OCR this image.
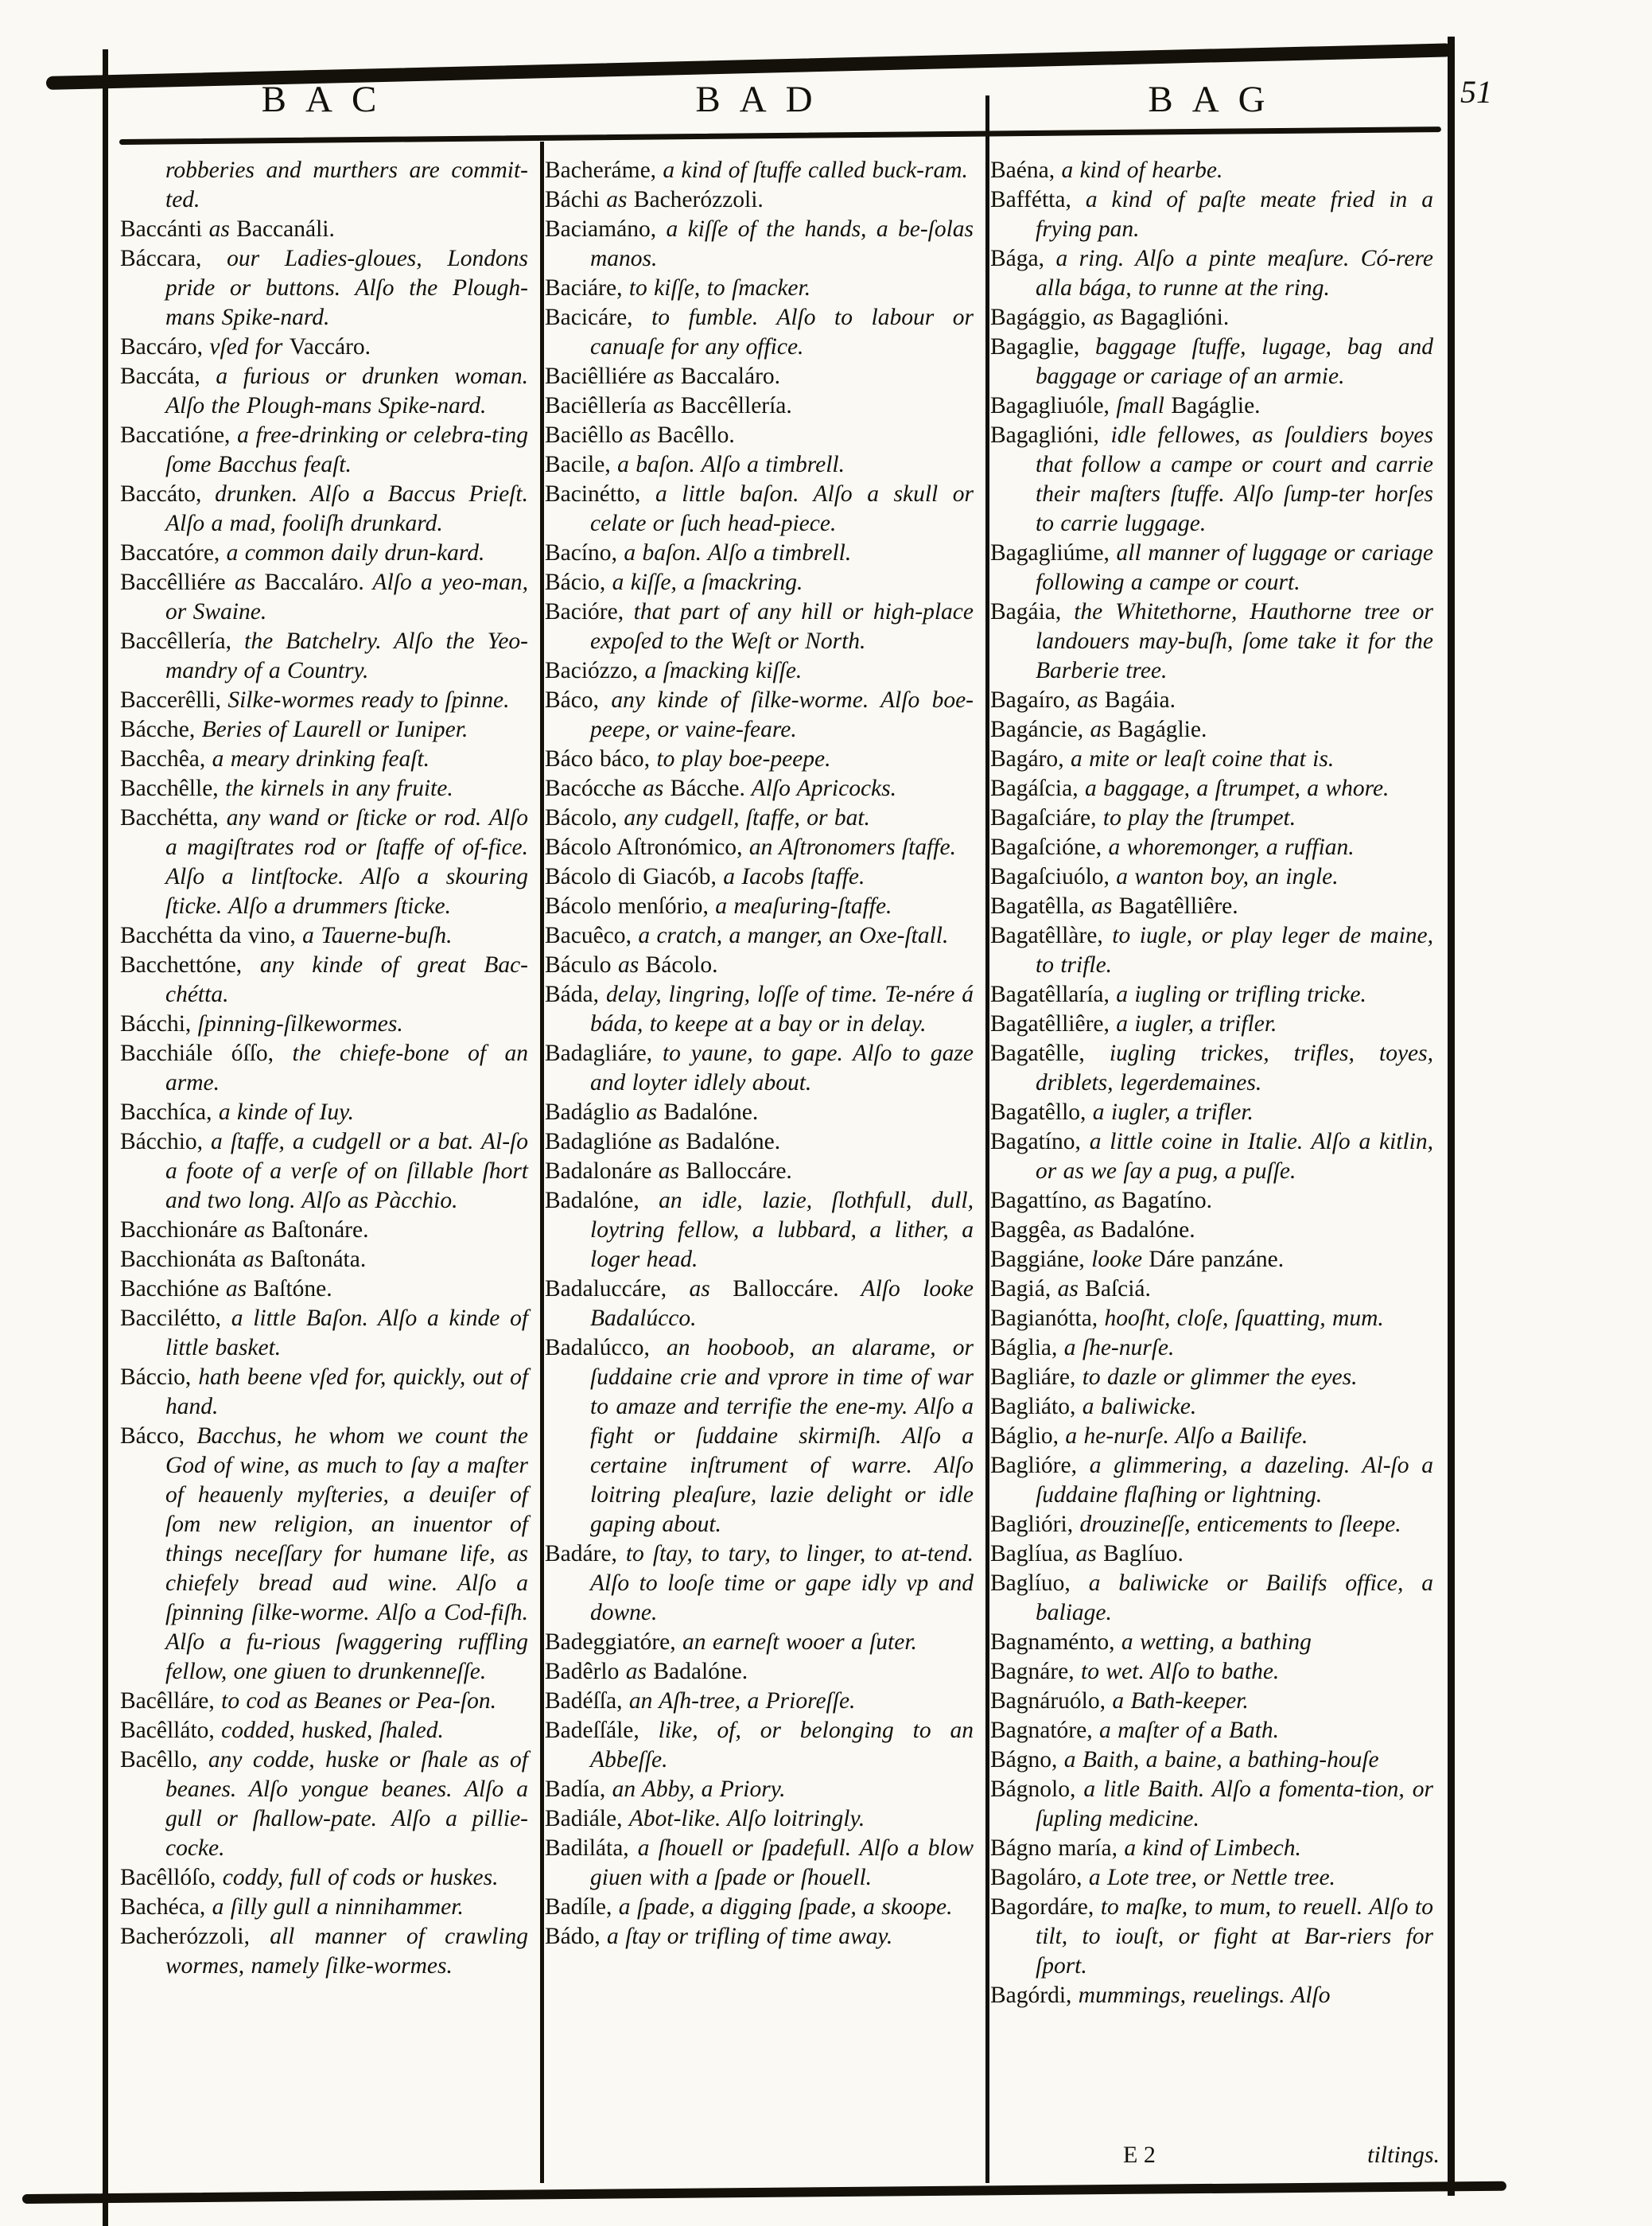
BAC	BAD	BAG	51

robberies and murthers are commit-ted.

Baccánti as Baccanáli.

Báccara, our Ladies-gloues, Londons pride or buttons. Alſo the Plough-mans Spike-nard.

Baccáro, vſed for Vaccáro.

Baccáta, a furious or drunken woman. Alſo the Plough-mans Spike-nard.

Baccatióne, a free-drinking or celebra-ting ſome Bacchus feaſt.

Baccáto, drunken. Alſo a Baccus Prieſt. Alſo a mad, fooliſh drunkard.

Baccatóre, a common daily drun-kard.

Baccêlliére as Baccaláro. Alſo a yeo-man, or Swaine.

Baccêllería, the Batchelry. Alſo the Yeo-mandry of a Country.

Baccerêlli, Silke-wormes ready to ſpinne.

Bácche, Beries of Laurell or Iuniper.

Bacchêa, a meary drinking feaſt.

Bacchêlle, the kirnels in any fruite.

Bacchétta, any wand or ſticke or rod. Alſo a magiſtrates rod or ſtaffe of of-fice. Alſo a lintſtocke. Alſo a skouring ſticke. Alſo a drummers ſticke.

Bacchétta da vino, a Tauerne-buſh.

Bacchettóne, any kinde of great Bac-chétta.

Bácchi, ſpinning-ſilkewormes.

Bacchiále óſſo, the chiefe-bone of an arme.

Bacchíca, a kinde of Iuy.

Bácchio, a ſtaffe, a cudgell or a bat. Al-ſo a foote of a verſe of on ſillable ſhort and two long. Alſo as Pàcchio.

Bacchionáre as Baſtonáre.

Bacchionáta as Baſtonáta.

Bacchióne as Baſtóne.

Baccilétto, a little Baſon. Alſo a kinde of little basket.

Báccio, hath beene vſed for, quickly, out of hand.

Bácco, Bacchus, he whom we count the God of wine, as much to ſay a maſter of heauenly myſteries, a deuiſer of ſom new religion, an inuentor of things neceſſary for humane life, as chiefely bread aud wine. Alſo a ſpinning ſilke-worme. Alſo a Cod-fiſh. Alſo a fu-rious ſwaggering ruffling fellow, one giuen to drunkenneſſe.

Bacêlláre, to cod as Beanes or Pea-ſon.

Bacêlláto, codded, husked, ſhaled.

Bacêllo, any codde, huske or ſhale as of beanes. Alſo yongue beanes. Alſo a gull or ſhallow-pate. Alſo a pillie-cocke.

Bacêllóſo, coddy, full of cods or huskes.

Bachéca, a ſilly gull a ninnihammer.

Bacherózzoli, all manner of crawling wormes, namely ſilke-wormes.

Bacheráme, a kind of ſtuffe called buck-ram.

Báchi as Bacherózzoli.

Baciamáno, a kiſſe of the hands, a be-ſolas manos.

Baciáre, to kiſſe, to ſmacker.

Bacicáre, to fumble. Alſo to labour or canuaſe for any office.

Baciêlliére as Baccaláro.

Baciêllería as Baccêllería.

Baciêllo as Bacêllo.

Bacile, a baſon. Alſo a timbrell.

Bacinétto, a little baſon. Alſo a skull or celate or ſuch head-piece.

Bacíno, a baſon. Alſo a timbrell.

Bácio, a kiſſe, a ſmackring.

Bacióre, that part of any hill or high-place expoſed to the Weſt or North.

Baciózzo, a ſmacking kiſſe.

Báco, any kinde of ſilke-worme. Alſo boe-peepe, or vaine-feare.

Báco báco, to play boe-peepe.

Bacócche as Bácche. Alſo Apricocks.

Bácolo, any cudgell, ſtaffe, or bat.

Bácolo Aſtronómico, an Aſtronomers ſtaffe.

Bácolo di Giacób, a Iacobs ſtaffe.

Bácolo menſório, a meaſuring-ſtaffe.

Bacuêco, a cratch, a manger, an Oxe-ſtall.

Báculo as Bácolo.

Báda, delay, lingring, loſſe of time. Te-nére á báda, to keepe at a bay or in delay.

Badagliáre, to yaune, to gape. Alſo to gaze and loyter idlely about.

Badáglio as Badalóne.

Badaglióne as Badalóne.

Badalonáre as Balloccáre.

Badalóne, an idle, lazie, ſlothfull, dull, loytring fellow, a lubbard, a lither, a loger head.

Badaluccáre, as Balloccáre. Alſo looke Badalúcco.

Badalúcco, an hooboob, an alarame, or ſuddaine crie and vprore in time of war to amaze and terrifie the ene-my. Alſo a fight or ſuddaine skirmiſh. Alſo a certaine inſtrument of warre. Alſo loitring pleaſure, lazie delight or idle gaping about.

Badáre, to ſtay, to tary, to linger, to at-tend. Alſo to looſe time or gape idly vp and downe.

Badeggiatóre, an earneſt wooer a ſuter.

Badêrlo as Badalóne.

Badéſſa, an Aſh-tree, a Prioreſſe.

Badeſſále, like, of, or belonging to an Abbeſſe.

Badía, an Abby, a Priory.

Badiále, Abot-like. Alſo loitringly.

Badiláta, a ſhouell or ſpadefull. Alſo a blow giuen with a ſpade or ſhouell.

Badíle, a ſpade, a digging ſpade, a skoope.

Bádo, a ſtay or trifling of time away.

Baéna, a kind of hearbe.

Baffétta, a kind of paſte meate fried in a frying pan.

Bága, a ring. Alſo a pinte meaſure. Có-rere alla bága, to runne at the ring.

Bagággio, as Bagaglióni.

Bagaglie, baggage ſtuffe, lugage, bag and baggage or cariage of an armie.

Bagagliuóle, ſmall Bagáglie.

Bagaglióni, idle fellowes, as ſouldiers boyes that follow a campe or court and carrie their maſters ſtuffe. Alſo ſump-ter horſes to carrie luggage.

Bagagliúme, all manner of luggage or cariage following a campe or court.

Bagáia, the Whitethorne, Hauthorne tree or landouers may-buſh, ſome take it for the Barberie tree.

Bagaíro, as Bagáia.

Bagáncie, as Bagáglie.

Bagáro, a mite or leaſt coine that is.

Bagáſcia, a baggage, a ſtrumpet, a whore.

Bagaſciáre, to play the ſtrumpet.

Bagaſcióne, a whoremonger, a ruffian.

Bagaſciuólo, a wanton boy, an ingle.

Bagatêlla, as Bagatêlliêre.

Bagatêllàre, to iugle, or play leger de maine, to trifle.

Bagatêllaría, a iugling or trifling tricke.

Bagatêlliêre, a iugler, a trifler.

Bagatêlle, iugling trickes, trifles, toyes, driblets, legerdemaines.

Bagatêllo, a iugler, a trifler.

Bagatíno, a little coine in Italie. Alſo a kitlin, or as we ſay a pug, a puſſe.

Bagattíno, as Bagatíno.

Baggêa, as Badalóne.

Baggiáne, looke Dáre panzáne.

Bagiá, as Baſciá.

Bagianótta, hooſht, cloſe, ſquatting, mum.

Báglia, a ſhe-nurſe.

Bagliáre, to dazle or glimmer the eyes.

Bagliáto, a baliwicke.

Báglio, a he-nurſe. Alſo a Bailife.

Baglióre, a glimmering, a dazeling. Al-ſo a ſuddaine flaſhing or lightning.

Baglióri, drouzineſſe, enticements to ſleepe.

Baglíua, as Baglíuo.

Baglíuo, a baliwicke or Bailifs office, a baliage.

Bagnaménto, a wetting, a bathing

Bagnáre, to wet. Alſo to bathe.

Bagnáruólo, a Bath-keeper.

Bagnatóre, a maſter of a Bath.

Bágno, a Baith, a baine, a bathing-houſe

Bágnolo, a litle Baith. Alſo a fomenta-tion, or ſupling medicine.

Bágno maría, a kind of Limbech.

Bagoláro, a Lote tree, or Nettle tree.

Bagordáre, to maſke, to mum, to reuell. Alſo to tilt, to iouſt, or fight at Bar-riers for ſport.

Bagórdi, mummings, reuelings. Alſo

E 2	tiltings.
